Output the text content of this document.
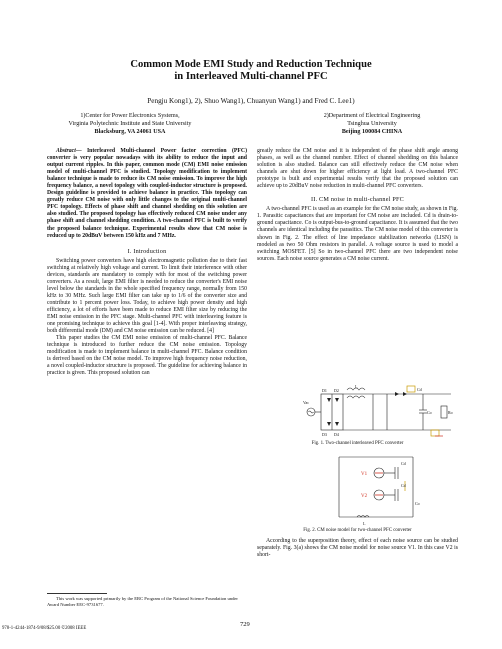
Common Mode EMI Study and Reduction Technique
in Interleaved Multi-channel PFC
Pengju Kong1), 2), Shuo Wang1), Chuanyun Wang1) and Fred C. Lee1)
1)Center for Power Electronics Systems,
Virginia Polytechnic Institute and State University
Blacksburg, VA 24061 USA
2)Department of Electrical Engineering
Tsinghua University
Beijing 100084 CHINA

Abstract— Interleaved Multi-channel Power factor correction (PFC) converter is very popular nowadays with its ability to reduce the input and output current ripples. In this paper, common mode (CM) EMI noise emission model of multi-channel PFC is studied. Topology modification to implement balance technique is made to reduce its CM noise emission. To improve the high frequency balance, a novel topology with coupled-inductor structure is proposed. Design guideline is provided to achieve balance in practice. This topology can greatly reduce CM noise with only little changes to the original multi-channel PFC topology. Effects of phase shift and channel shedding on this solution are also studied. The proposed topology has effectively reduced CM noise under any phase shift and channel shedding condition. A two-channel PFC is built to verify the proposed balance technique. Experimental results show that CM noise is reduced up to 20dBuV between 150 kHz and 7 MHz.

I. Introduction

Switching power converters have high electromagnetic pollution due to their fast switching at relatively high voltage and current. To limit their interference with other devices, standards are mandatory to comply with for most of the switching power converters. As a result, large EMI filter is needed to reduce the converter's EMI noise level below the standards in the whole specified frequency range, normally from 150 kHz to 30 MHz. Such large EMI filter can take up to 1/6 of the converter size and contribute to 1 percent power loss. Today, to achieve high power density and high efficiency, a lot of efforts have been made to reduce EMI filter size by reducing the EMI noise emission in the PFC stage. Multi-channel PFC with interleaving feature is one promising technique to achieve this goal [1-4]. With proper interleaving strategy, both differential mode (DM) and CM noise emission can be reduced. [4]

This paper studies the CM EMI noise emission of multi-channel PFC. Balance technique is introduced to further reduce the CM noise emission. Topology modification is made to implement balance in multi-channel PFC. Balance condition is derived based on the CM noise model. To improve high frequency noise reduction, a novel coupled-inductor structure is proposed. The guideline for achieving balance in practice is given. This proposed solution can

This work was supported primarily by the ERC Program of the National Science Foundation under Award Number EEC-9731677.

greatly reduce the CM noise and it is independent of the phase shift angle among phases, as well as the channel number. Effect of channel shedding on this balance solution is also studied. Balance can still effectively reduce the CM noise when channels are shut down for higher efficiency at light load. A two-channel PFC prototype is built and experimental results verify that the proposed solution can achieve up to 20dBuV noise reduction in multi-channel PFC converters.

II. CM noise in multi-channel PFC

A two-channel PFC is used as an example for the CM noise study, as shown in Fig. 1. Parasitic capacitances that are important for CM noise are included. Cd is drain-to-ground capacitance. Co is output-bus-to-ground capacitance. It is assumed that the two channels are identical including the parasitics. The CM noise model of this converter is shown in Fig. 2. The effect of line impedance stabilization networks (LISN) is modeled as two 50 Ohm resistors in parallel. A voltage source is used to model a switching MOSFET. [5] So in two-channel PFC there are two independent noise sources. Each noise source generates a CM noise current.

Vac
D1 D2
D3 D4
L
Cd
Co	Ro
Fig. 1. Two-channel interleaved PFC converter
V1
V2
Cd
Cd
Co
L
Fig. 2. CM noise model for two-channel PFC converter

According to the superposition theory, effect of each noise source can be studied separately. Fig. 3(a) shows the CM noise model for noise source V1. In this case V2 is short-

978-1-4244-1874-9/08/$25.00 ©2008 IEEE
729
